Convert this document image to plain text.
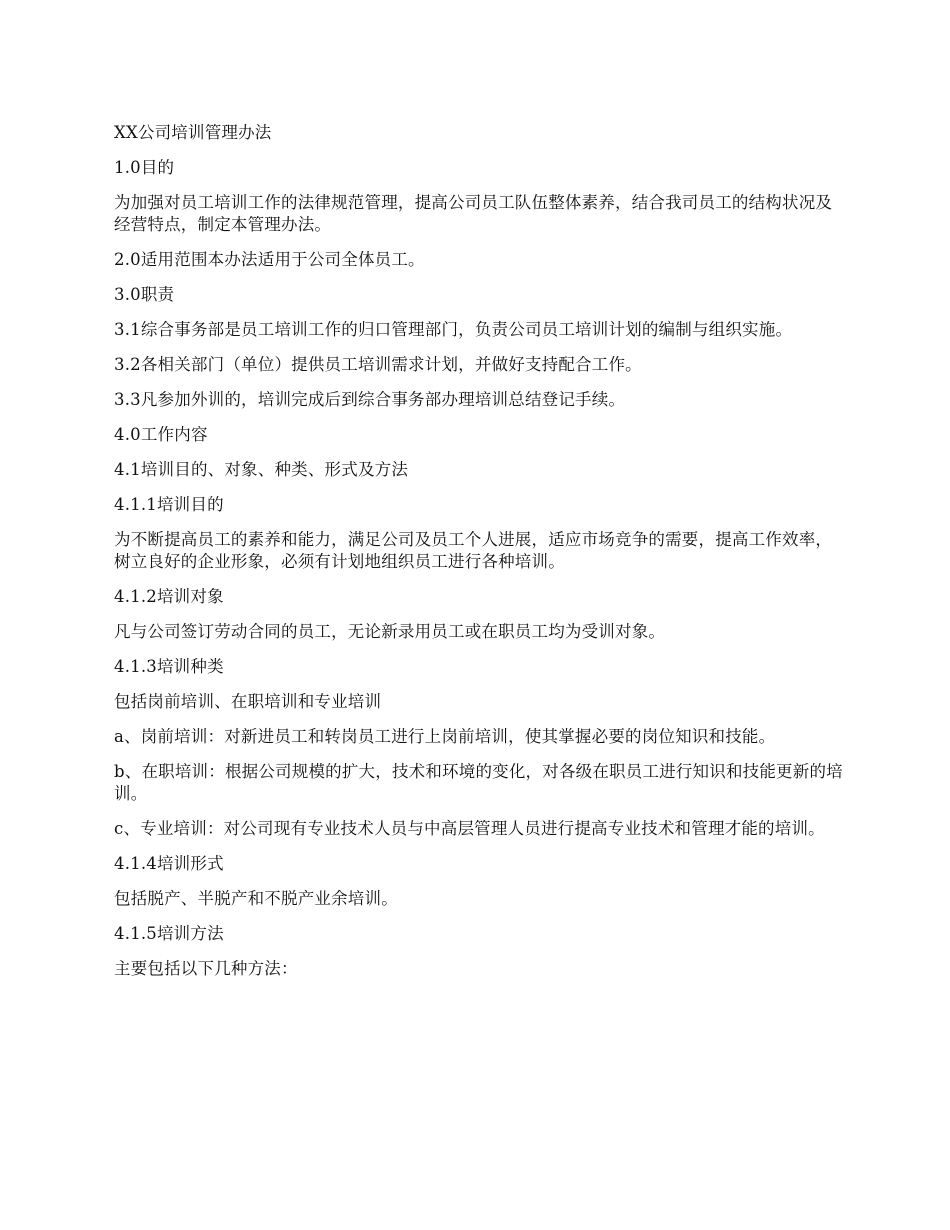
XX公司培训管理办法

1.0目的

为加强对员工培训工作的法律规范管理，提高公司员工队伍整体素养，结合我司员工的结构状况及经营特点，制定本管理办法。

2.0适用范围本办法适用于公司全体员工。

3.0职责

3.1综合事务部是员工培训工作的归口管理部门，负责公司员工培训计划的编制与组织实施。

3.2各相关部门（单位）提供员工培训需求计划，并做好支持配合工作。

3.3凡参加外训的，培训完成后到综合事务部办理培训总结登记手续。

4.0工作内容

4.1培训目的、对象、种类、形式及方法

4.1.1培训目的

为不断提高员工的素养和能力，满足公司及员工个人进展，适应市场竞争的需要，提高工作效率，树立良好的企业形象，必须有计划地组织员工进行各种培训。

4.1.2培训对象

凡与公司签订劳动合同的员工，无论新录用员工或在职员工均为受训对象。

4.1.3培训种类

包括岗前培训、在职培训和专业培训

a、岗前培训：对新进员工和转岗员工进行上岗前培训，使其掌握必要的岗位知识和技能。

b、在职培训：根据公司规模的扩大，技术和环境的变化，对各级在职员工进行知识和技能更新的培训。

c、专业培训：对公司现有专业技术人员与中高层管理人员进行提高专业技术和管理才能的培训。

4.1.4培训形式

包括脱产、半脱产和不脱产业余培训。

4.1.5培训方法

主要包括以下几种方法：
